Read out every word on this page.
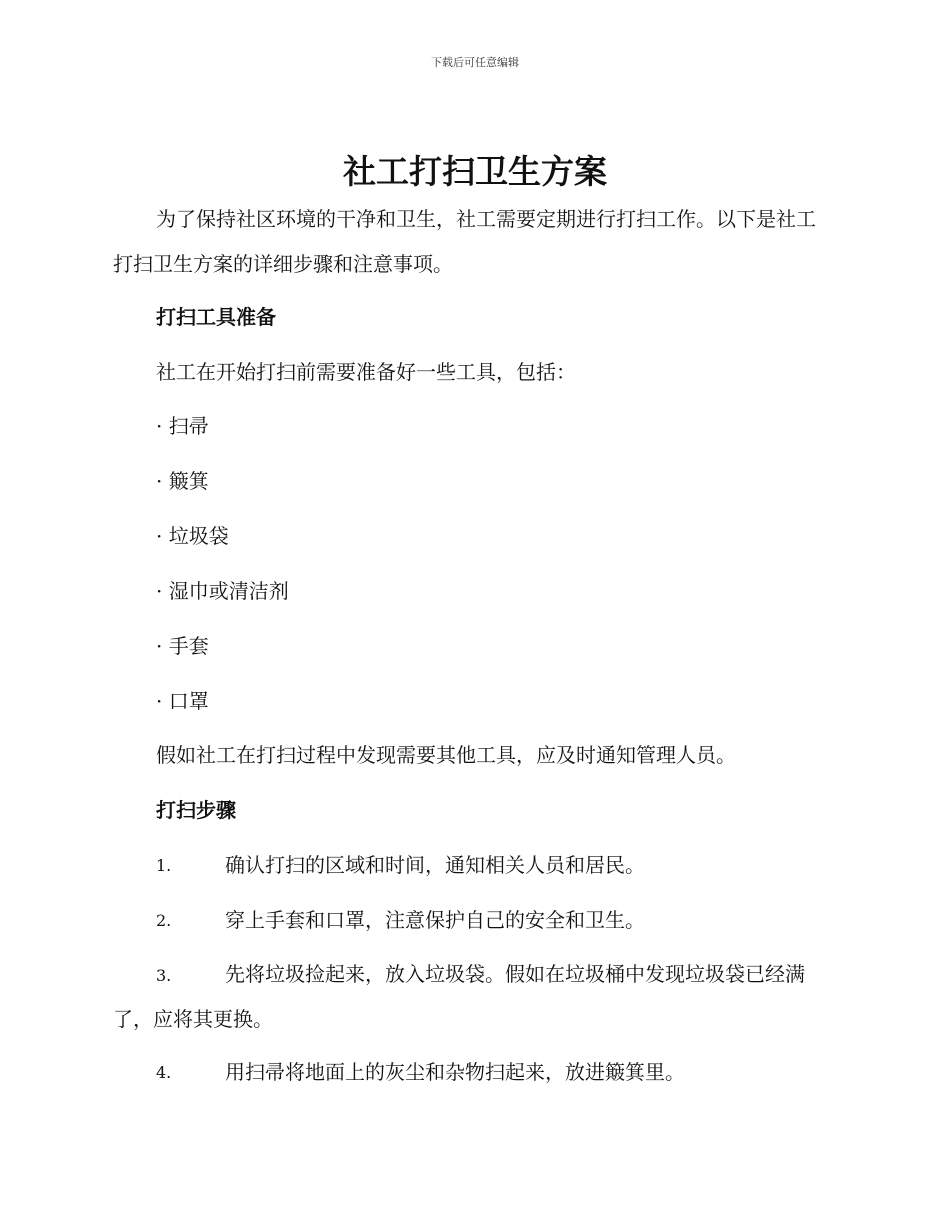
下载后可任意编辑
社工打扫卫生方案

为了保持社区环境的干净和卫生，社工需要定期进行打扫工作。以下是社工打扫卫生方案的详细步骤和注意事项。

打扫工具准备

社工在开始打扫前需要准备好一些工具，包括：

· 扫帚
· 簸箕
· 垃圾袋
· 湿巾或清洁剂
· 手套
· 口罩

假如社工在打扫过程中发现需要其他工具，应及时通知管理人员。

打扫步骤
1.	确认打扫的区域和时间，通知相关人员和居民。
2.	穿上手套和口罩，注意保护自己的安全和卫生。
3.	先将垃圾捡起来，放入垃圾袋。假如在垃圾桶中发现垃圾袋已经满了，应将其更换。

4.	用扫帚将地面上的灰尘和杂物扫起来，放进簸箕里。
